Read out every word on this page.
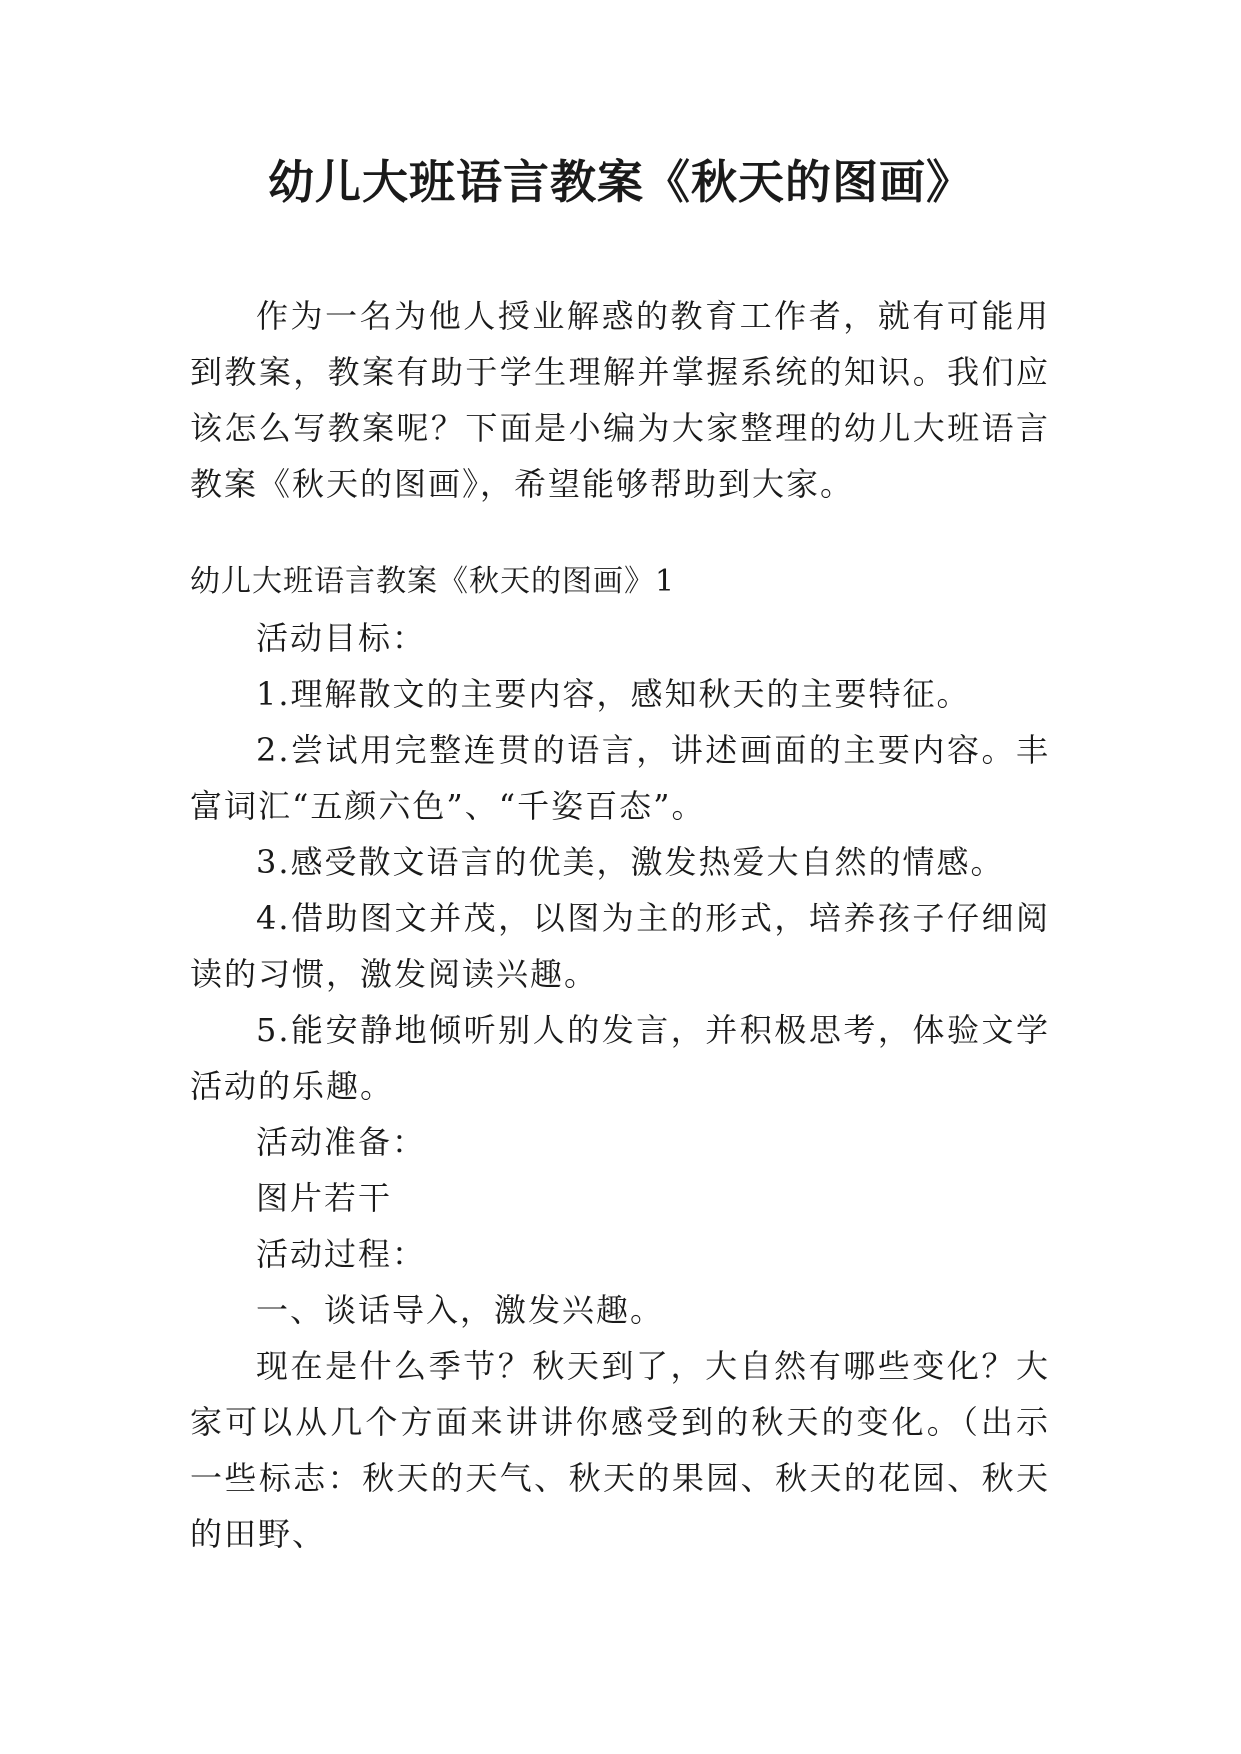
幼儿大班语言教案《秋天的图画》

作为一名为他人授业解惑的教育工作者，就有可能用到教案，教案有助于学生理解并掌握系统的知识。我们应该怎么写教案呢？下面是小编为大家整理的幼儿大班语言教案《秋天的图画》，希望能够帮助到大家。

幼儿大班语言教案《秋天的图画》1

活动目标：

1.理解散文的主要内容，感知秋天的主要特征。

2.尝试用完整连贯的语言，讲述画面的主要内容。丰富词汇“五颜六色”、“千姿百态”。

3.感受散文语言的优美，激发热爱大自然的情感。

4.借助图文并茂，以图为主的形式，培养孩子仔细阅读的习惯，激发阅读兴趣。

5.能安静地倾听别人的发言，并积极思考，体验文学活动的乐趣。

活动准备：

图片若干

活动过程：

一、谈话导入，激发兴趣。

现在是什么季节？秋天到了，大自然有哪些变化？大家可以从几个方面来讲讲你感受到的秋天的变化。（出示一些标志：秋天的天气、秋天的果园、秋天的花园、秋天的田野、
